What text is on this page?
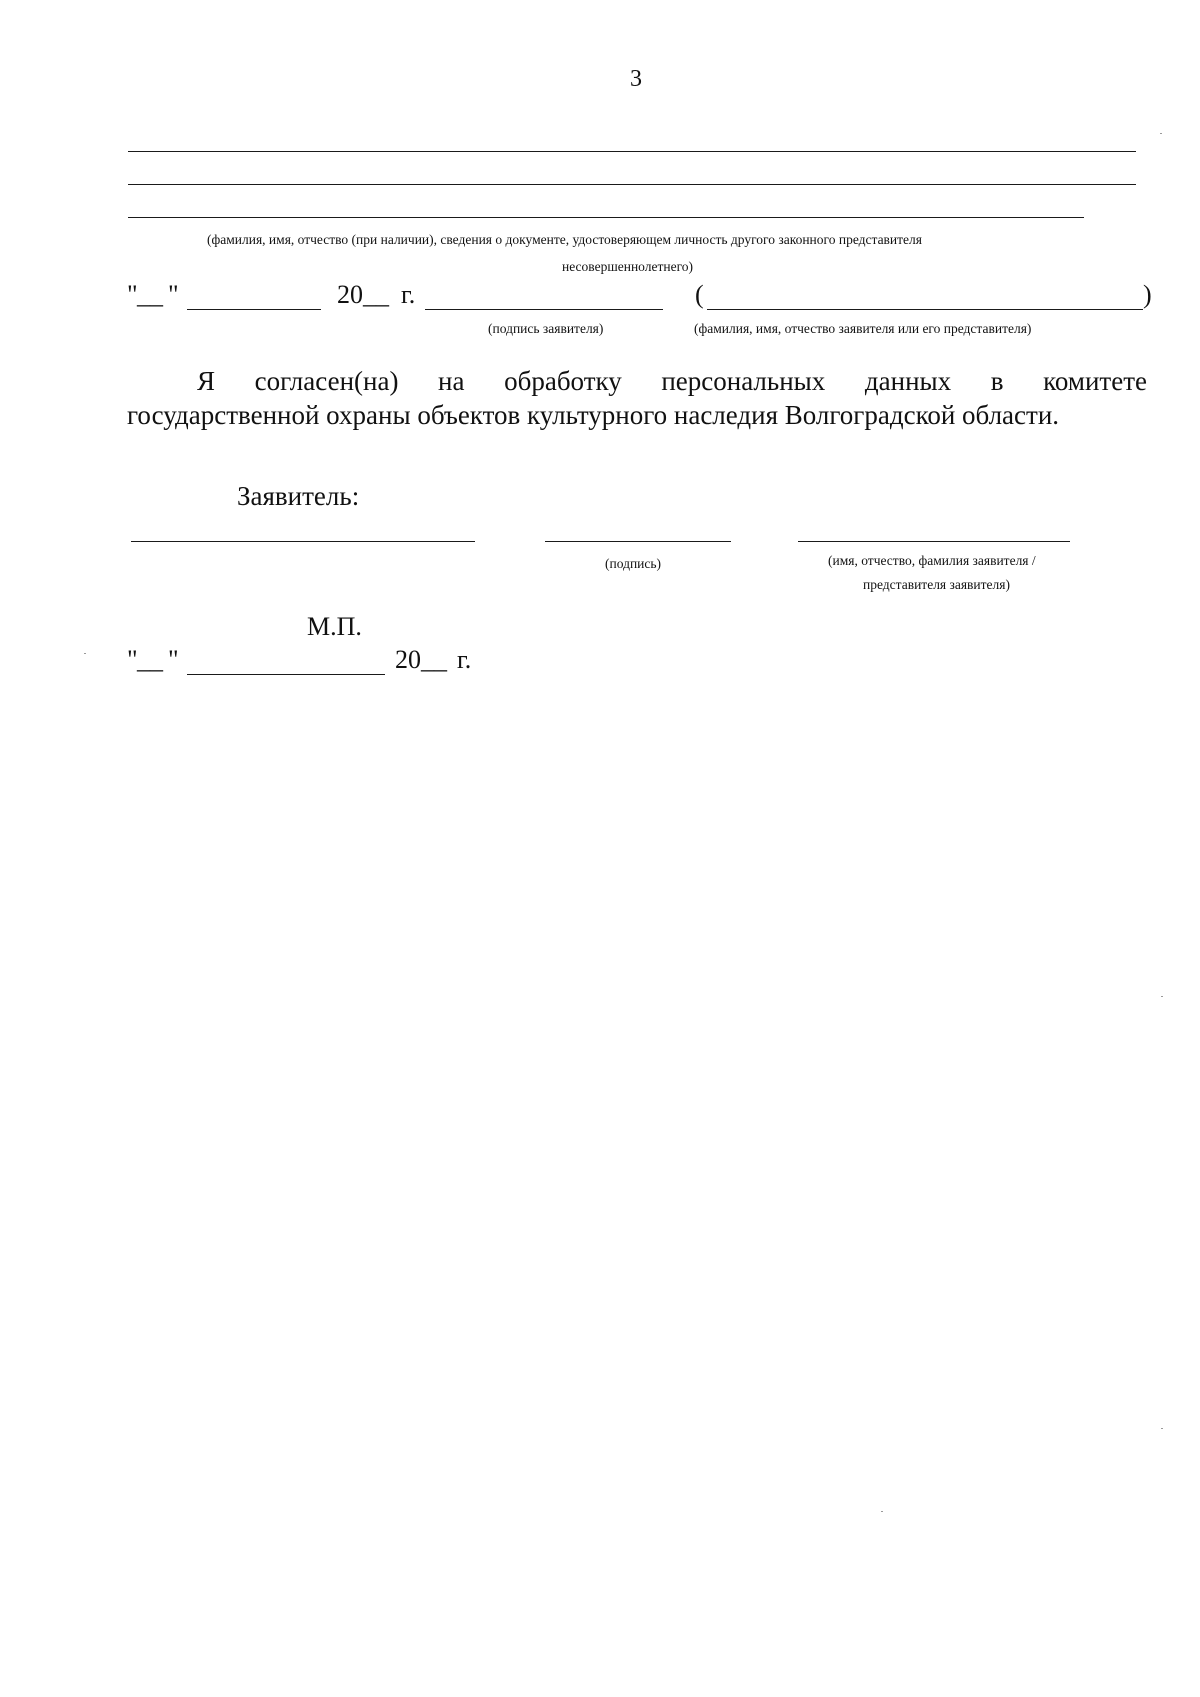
3
(фамилия, имя, отчество (при наличии), сведения о документе, удостоверяющем личность другого законного представителя
несовершеннолетнего)
" __ "	20 __ г.	(	)
(подпись заявителя)	(фамилия, имя, отчество заявителя или его представителя)
Я согласен(на) на обработку персональных данных в комитете
государственной охраны объектов культурного наследия Волгоградской области.
Заявитель:
(подпись)	(имя, отчество, фамилия заявителя /
представителя заявителя)
М.П.
" __ "	20 __ г.
